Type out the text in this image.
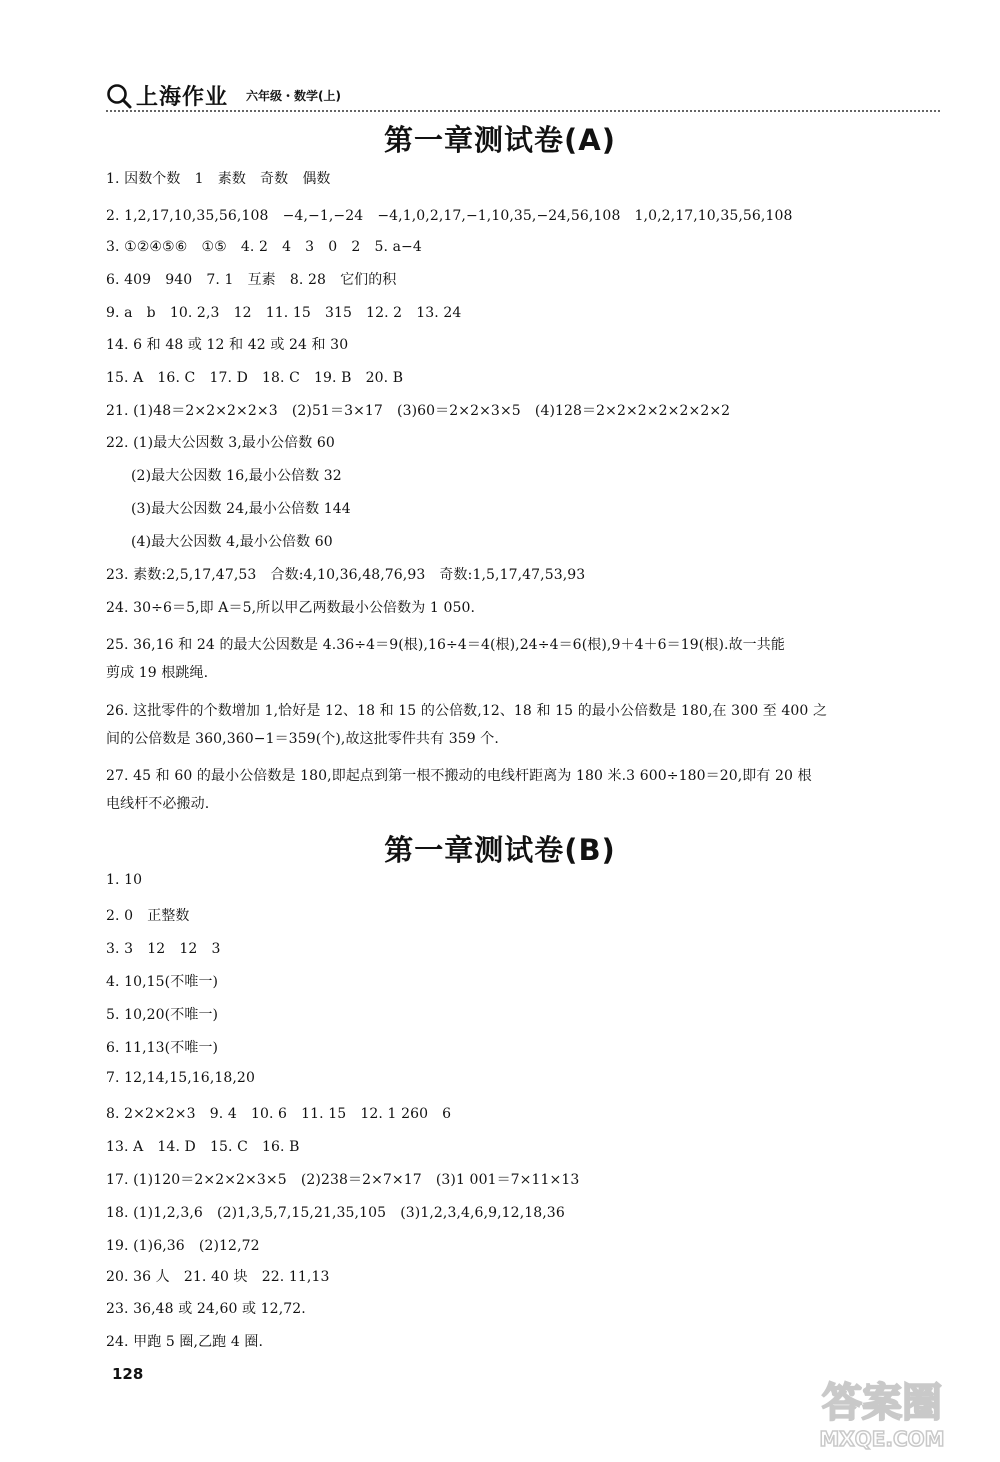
上海作业 六年级・数学(上)
第一章测试卷(A)
1. 因数个数　1　素数　奇数　偶数
2. 1,2,17,10,35,56,108　−4,−1,−24　−4,1,0,2,17,−1,10,35,−24,56,108　1,0,2,17,10,35,56,108
3. ①②④⑤⑥　①⑤　4. 2　4　3　0　2　5. a−4
6. 409　940　7. 1　互素　8. 28　它们的积
9. a　b　10. 2,3　12　11. 15　315　12. 2　13. 24
14. 6 和 48 或 12 和 42 或 24 和 30
15. A　16. C　17. D　18. C　19. B　20. B
21. (1)48＝2×2×2×2×3　(2)51＝3×17　(3)60＝2×2×3×5　(4)128＝2×2×2×2×2×2×2
22. (1)最大公因数 3,最小公倍数 60
(2)最大公因数 16,最小公倍数 32
(3)最大公因数 24,最小公倍数 144
(4)最大公因数 4,最小公倍数 60
23. 素数:2,5,17,47,53　合数:4,10,36,48,76,93　奇数:1,5,17,47,53,93
24. 30÷6＝5,即 A＝5,所以甲乙两数最小公倍数为 1 050.
25. 36,16 和 24 的最大公因数是 4.36÷4＝9(根),16÷4＝4(根),24÷4＝6(根),9＋4＋6＝19(根).故一共能
剪成 19 根跳绳.
26. 这批零件的个数增加 1,恰好是 12、18 和 15 的公倍数,12、18 和 15 的最小公倍数是 180,在 300 至 400 之
间的公倍数是 360,360−1＝359(个),故这批零件共有 359 个.
27. 45 和 60 的最小公倍数是 180,即起点到第一根不搬动的电线杆距离为 180 米.3 600÷180＝20,即有 20 根
电线杆不必搬动.
第一章测试卷(B)
1. 10
2. 0　正整数
3. 3　12　12　3
4. 10,15(不唯一)
5. 10,20(不唯一)
6. 11,13(不唯一)
7. 12,14,15,16,18,20
8. 2×2×2×3　9. 4　10. 6　11. 15　12. 1 260　6
13. A　14. D　15. C　16. B
17. (1)120＝2×2×2×3×5　(2)238＝2×7×17　(3)1 001＝7×11×13
18. (1)1,2,3,6　(2)1,3,5,7,15,21,35,105　(3)1,2,3,4,6,9,12,18,36
19. (1)6,36　(2)12,72
20. 36 人　21. 40 块　22. 11,13
23. 36,48 或 24,60 或 12,72.
24. 甲跑 5 圈,乙跑 4 圈.
128
答案圈
MXQE.COM
